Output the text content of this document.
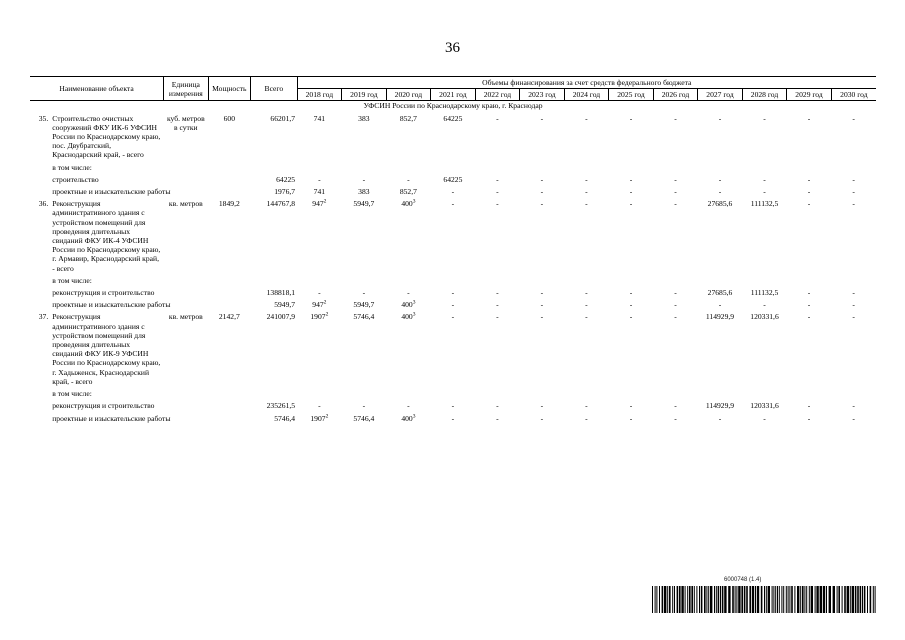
36
Наименование объекта		Единица измерения	Мощность	Всего	Объемы финансирования за счет средств федерального бюджета												
					2018 год	2019 год	2020 год	2021 год	2022 год	2023 год	2024 год	2025 год	2026 год	2027 год	2028 год	2029 год	2030 год
УФСИН России по Краснодарскому краю, г. Краснодар																	
35.	Строительство очистных сооружений ФКУ ИК-6 УФСИН России по Краснодарскому краю, пос. Двубратский, Краснодарский край, - всего	куб. метров в сутки	600	66201,7	741	383	852,7	64225	-	-	-	-	-	-	-	-	-
	в том числе:																
	строительство			64225	-	-	-	64225	-	-	-	-	-	-	-	-	-
	проектные и изыскательские работы			1976,7	741	383	852,7	-	-	-	-	-	-	-	-	-	-
36.	Реконструкция административного здания с устройством помещений для проведения длительных свиданий ФКУ ИК-4 УФСИН России по Краснодарскому краю, г. Армавир, Краснодарский край, - всего	кв. метров	1849,2	144767,8	$947^2$	5949,7	$400^3$	-	-	-	-	-	-	27685,6	111132,5	-	-
	в том числе:																
	реконструкция и строительство			138818,1	-	-	-	-	-	-	-	-	-	27685,6	111132,5	-	-
	проектные и изыскательские работы			5949,7	$947^2$	5949,7	$400^3$	-	-	-	-	-	-	-	-	-	-
37.	Реконструкция административного здания с устройством помещений для проведения длительных свиданий ФКУ ИК-9 УФСИН России по Краснодарскому краю, г. Хадыженск, Краснодарский край, - всего	кв. метров	2142,7	241007,9	1907$^2$	5746,4	$400^3$	-	-	-	-	-	-	114929,9	120331,6	-	-
	в том числе:																
	реконструкция и строительство			235261,5	-	-	-	-	-	-	-	-	-	114929,9	120331,6	-	-
	проектные и изыскательские работы			5746,4	1907$^2$	5746,4	$400^3$	-	-	-	-	-	-	-	-	-	-
6000748 (1.4)
